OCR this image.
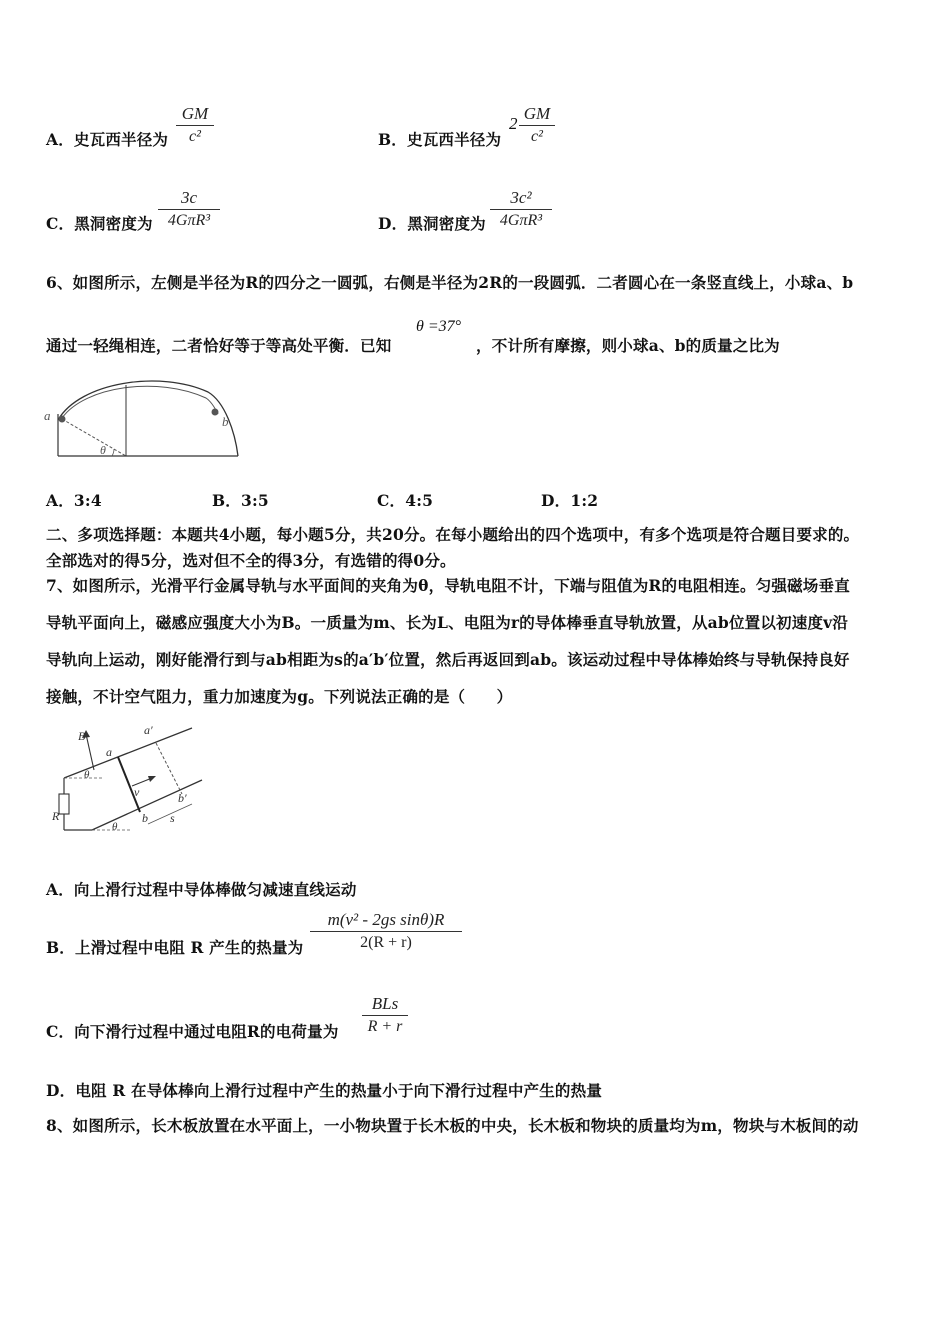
A．史瓦西半径为
GM
c²	B．史瓦西半径为
2
GM
c²
C．黑洞密度为
3c
4GπR³	D．黑洞密度为
3c²
4GπR³
6、如图所示，左侧是半径为R的四分之一圆弧，右侧是半径为2R的一段圆弧．二者圆心在一条竖直线上，小球a、b
通过一轻绳相连，二者恰好等于等高处平衡．已知
θ =37°
，不计所有摩擦，则小球a、b的质量之比为
a	b
θ
A．3:4	B．3:5	C．4:5	D．1:2
二、多项选择题：本题共4小题，每小题5分，共20分。在每小题给出的四个选项中，有多个选项是符合题目要求的。
全部选对的得5分，选对但不全的得3分，有选错的得0分。
7、如图所示，光滑平行金属导轨与水平面间的夹角为θ，导轨电阻不计，下端与阻值为R的电阻相连。匀强磁场垂直
导轨平面向上，磁感应强度大小为B。一质量为m、长为L、电阻为r的导体棒垂直导轨放置，从ab位置以初速度v沿
导轨向上运动，刚好能滑行到与ab相距为s的a′b′位置，然后再返回到ab。该运动过程中导体棒始终与导轨保持良好
接触，不计空气阻力，重力加速度为g。下列说法正确的是（　　）
B
a
a′
b
b′
v
R	s
θ
θ
A．向上滑行过程中导体棒做匀减速直线运动
B．上滑过程中电阻 R 产生的热量为
m(v² - 2gs sinθ)R
2(R + r)
C．向下滑行过程中通过电阻R的电荷量为
BLs
R + r
D．电阻 R 在导体棒向上滑行过程中产生的热量小于向下滑行过程中产生的热量
8、如图所示，长木板放置在水平面上，一小物块置于长木板的中央，长木板和物块的质量均为m，物块与木板间的动
